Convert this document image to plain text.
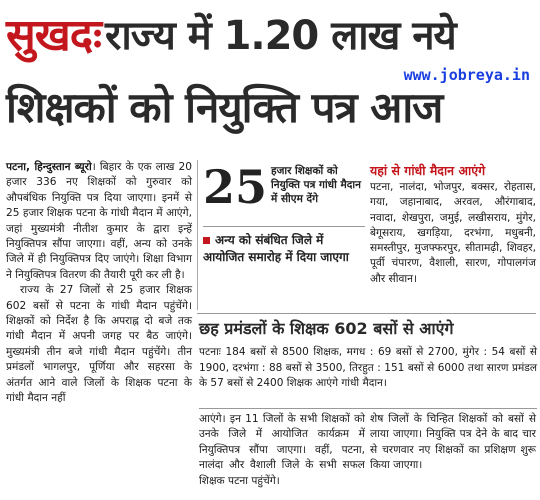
सुखदः राज्य में 1.20 लाख नये
www.jobreya.in
शिक्षकों को नियुक्ति पत्र आज
पटना, हिन्दुस्तान ब्यूरो। बिहार के एक लाख 20 हजार 336 नए शिक्षकों को गुरुवार को औपबंधिक नियुक्ति पत्र दिया जाएगा। इनमें से 25 हजार शिक्षक पटना के गांधी मैदान में आएंगे, जहां मुख्यमंत्री नीतीश कुमार के द्वारा इन्हें नियुक्तिपत्र सौंपा जाएगा। वहीं, अन्य को उनके जिले में ही नियुक्तिपत्र दिए जाएंगे। शिक्षा विभाग ने नियुक्तिपत्र वितरण की तैयारी पूरी कर ली है।
राज्य के 27 जिलों से 25 हजार शिक्षक 602 बसों से पटना के गांधी मैदान पहुंचेंगे। शिक्षकों को निर्देश है कि अपराह्न दो बजे तक गांधी मैदान में अपनी जगह पर बैठ जाएंगे। मुख्यमंत्री तीन बजे गांधी मैदान पहुंचेंगे। तीन प्रमंडलों भागलपुर, पूर्णिया और सहरसा के अंतर्गत आने वाले जिलों के शिक्षक पटना के गांधी मैदान नहीं
25 हजार शिक्षकों को नियुक्ति पत्र गांधी मैदान में सीएम देंगे
अन्य को संबंधित जिले में आयोजित समारोह में दिया जाएगा
यहां से गांधी मैदान आएंगे
पटना, नालंदा, भोजपुर, बक्सर, रोहतास, गया, जहानाबाद, अरवल, औरंगाबाद, नवादा, शेखपुरा, जमुई, लखीसराय, मुंगेर, बेगूसराय, खगड़िया, दरभंगा, मधुबनी, समस्तीपुर, मुजफ्फरपुर, सीतामढ़ी, शिवहर, पूर्वी चंपारण, वैशाली, सारण, गोपालगंज और सीवान।
छह प्रमंडलों के शिक्षक 602 बसों से आएंगे
पटनाः 184 बसों से 8500 शिक्षक, मगध : 69 बसों से 2700, मुंगेर : 54 बसों से 1900, दरभंगा : 88 बसों से 3500, तिरहुत : 151 बसों से 6000 तथा सारण प्रमंडल के 57 बसों से 2400 शिक्षक आएंगे गांधी मैदान।
आएंगे। इन 11 जिलों के सभी शिक्षकों को उनके जिले में आयोजित कार्यक्रम में नियुक्तिपत्र सौंपा जाएगा। वहीं, पटना, नालंदा और वैशाली जिले के सभी सफल शिक्षक पटना पहुंचेंगे।
शेष जिलों के चिन्हित शिक्षकों को बसों से लाया जाएगा। नियुक्ति पत्र देने के बाद चार से चरणवार नए शिक्षकों का प्रशिक्षण शुरू किया जाएगा।
